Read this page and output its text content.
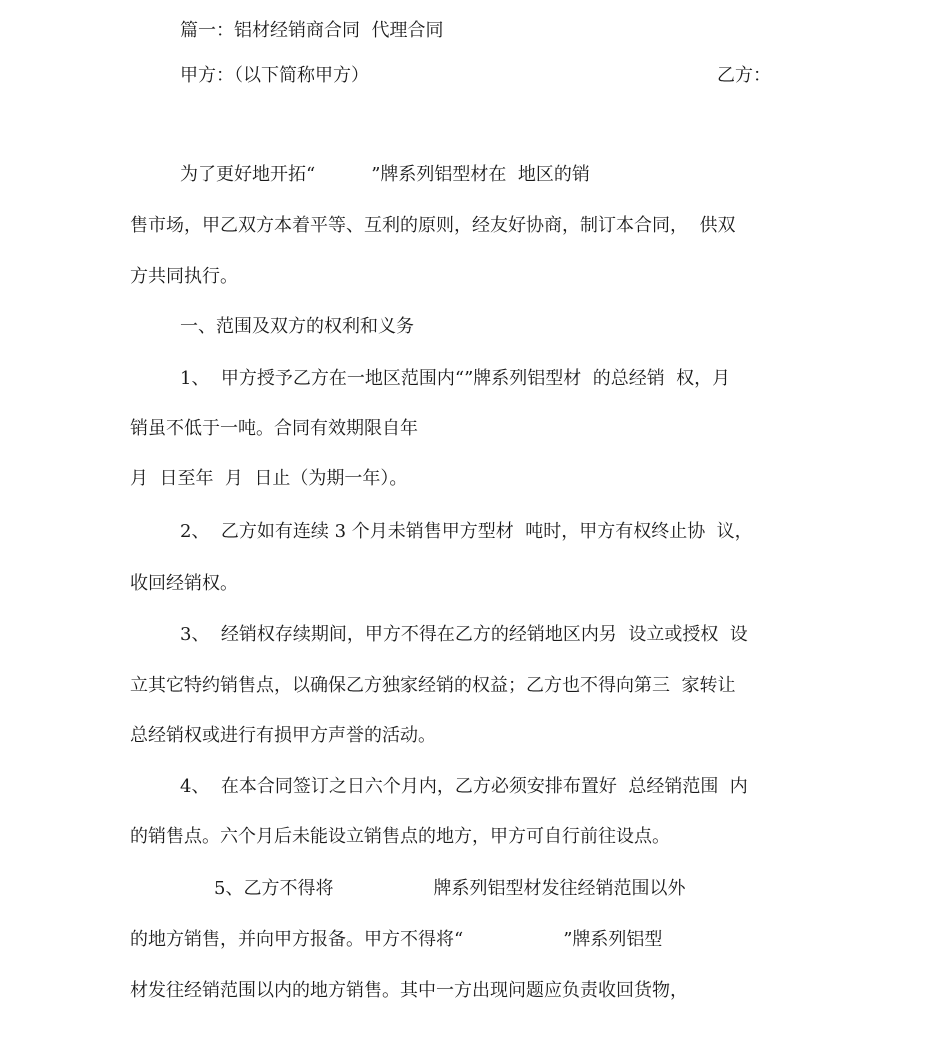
篇一：铝材经销商合同  代理合同
甲方：（以下简称甲方）	乙方：
为了更好地开拓“	”牌系列铝型材在  地区的销
售市场，甲乙双方本着平等、互利的原则，经友好协商，制订本合同，  供双
方共同执行。
一、范围及双方的权利和义务
1、  甲方授予乙方在一地区范围内“”牌系列铝型材  的总经销  权，月
销虽不低于一吨。合同有效期限自年
月  日至年  月  日止（为期一年）。
2、  乙方如有连续 3 个月未销售甲方型材  吨时，甲方有权终止协  议，
收回经销权。
3、  经销权存续期间，甲方不得在乙方的经销地区内另  设立或授权  设
立其它特约销售点，以确保乙方独家经销的权益；乙方也不得向第三  家转让
总经销权或进行有损甲方声誉的活动。
4、  在本合同签订之日六个月内，乙方必须安排布置好  总经销范围  内
的销售点。六个月后未能设立销售点的地方，甲方可自行前往设点。
5、乙方不得将	牌系列铝型材发往经销范围以外
的地方销售，并向甲方报备。甲方不得将“	”牌系列铝型
材发往经销范围以内的地方销售。其中一方出现问题应负责收回货物，
